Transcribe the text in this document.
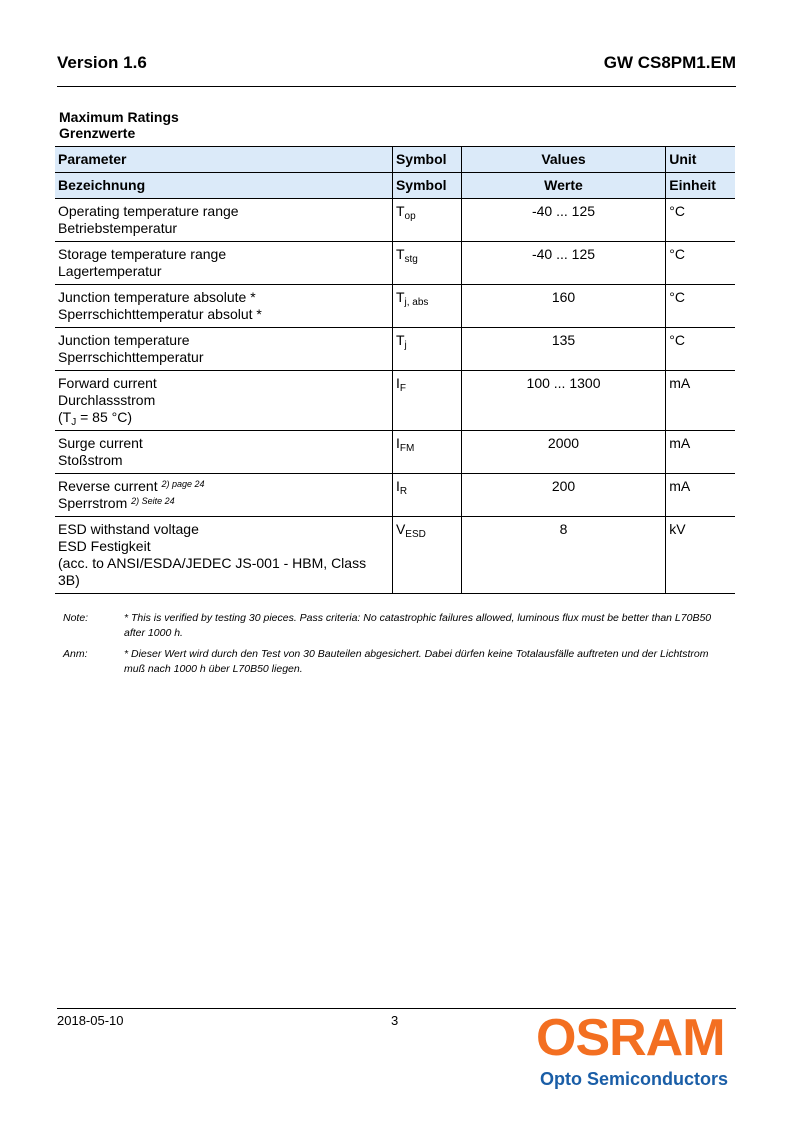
Version 1.6	GW CS8PM1.EM
Maximum Ratings
Grenzwerte
Parameter	Symbol	Values	Unit
Bezeichnung	Symbol	Werte	Einheit

Operating temperature range
Betriebstemperatur	$T_{op}$	-40 ... 125	°C

Storage temperature range
Lagertemperatur	$T_{stg}$	-40 ... 125	°C

Junction temperature absolute *
Sperrschichttemperatur absolut *	$T_{j, abs}$	160	°C

Junction temperature
Sperrschichttemperatur	$T_j$	135	°C

Forward current
Durchlassstrom
($T_J = 85$ °C)	$I_F$	100 ... 1300	mA

Surge current
Stoßstrom	$I_{FM}$	2000	mA

Reverse current $^{2) page 24}$
Sperrstrom $^{2) Seite 24}$	$I_R$	200	mA

ESD withstand voltage
ESD Festigkeit
(acc. to ANSI/ESDA/JEDEC JS-001 - HBM, Class 3B)	$V_{ESD}$	8	kV
Note:	* This is verified by testing 30 pieces. Pass criteria: No catastrophic failures allowed, luminous flux must be better than L70B50 after 1000 h.
Anm:	* Dieser Wert wird durch den Test von 30 Bauteilen abgesichert. Dabei dürfen keine Totalausfälle auftreten und der Lichtstrom muß nach 1000 h über L70B50 liegen.
2018-05-10	3	OSRAM
Opto Semiconductors
